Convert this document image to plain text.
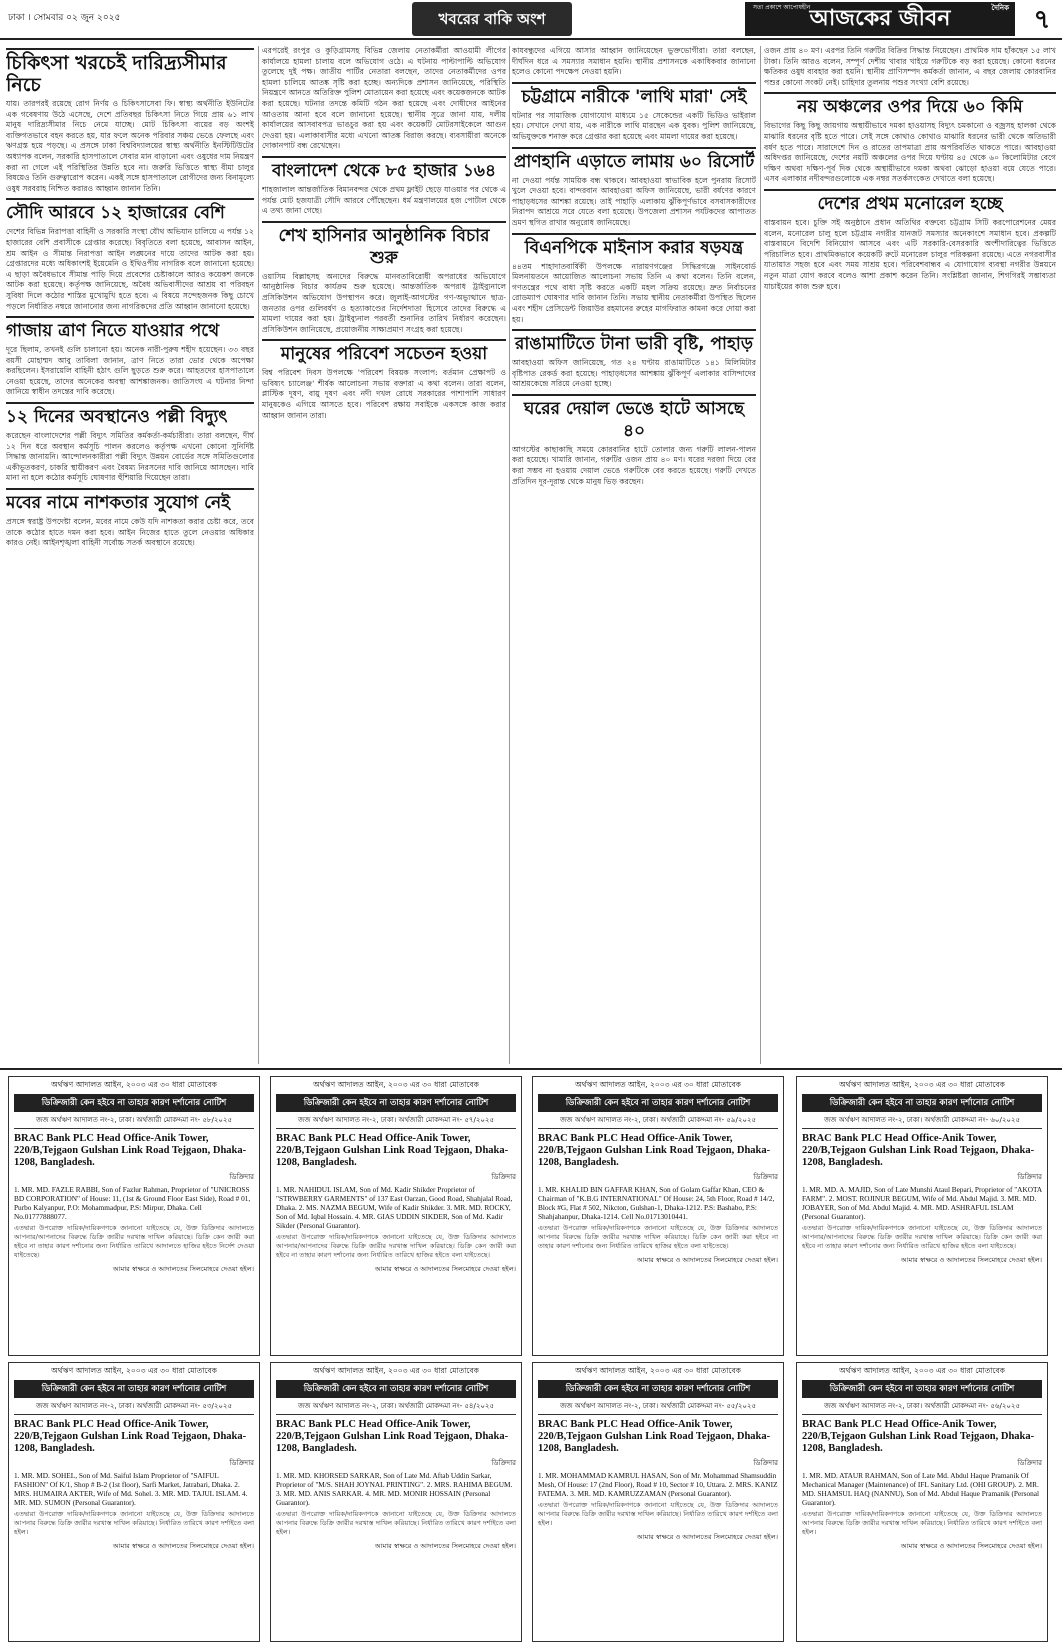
ঢাকা । সোমবার ০২ জুন ২০২৫	খবরের বাকি অংশ
সত্য প্রকাশে আপোষহীন আজকের জীবন	দৈনিক ৭
চিকিৎসা খরচেই দারিদ্র্যসীমার নিচে
যায়। তারপরই রয়েছে রোগ নির্ণয় ও চিকিৎসাসেবা ফি। স্বাস্থ্য অর্থনীতি ইউনিটের এক গবেষণায় উঠে এসেছে, দেশে প্রতিবছর চিকিৎসা নিতে গিয়ে প্রায় ৬১ লাখ মানুষ দারিদ্র্যসীমার নিচে নেমে যাচ্ছে। মোট চিকিৎসা ব্যয়ের বড় অংশই ব্যক্তিগতভাবে বহন করতে হয়, যার ফলে অনেক পরিবার সঞ্চয় ভেঙে ফেলছে এবং ঋণগ্রস্ত হয়ে পড়ছে। এ প্রসঙ্গে ঢাকা বিশ্ববিদ্যালয়ের স্বাস্থ্য অর্থনীতি ইনস্টিটিউটের অধ্যাপক বলেন, সরকারি হাসপাতালে সেবার মান বাড়ানো এবং ওষুধের দাম নিয়ন্ত্রণ করা না গেলে এই পরিস্থিতির উন্নতি হবে না। জরুরি ভিত্তিতে স্বাস্থ্য বীমা চালুর বিষয়েও তিনি গুরুত্বারোপ করেন। একই সঙ্গে হাসপাতালে রোগীদের জন্য বিনামূল্যে ওষুধ সরবরাহ নিশ্চিত করারও আহ্বান জানান তিনি।
সৌদি আরবে ১২ হাজারের বেশি
দেশের বিভিন্ন নিরাপত্তা বাহিনী ও সরকারি সংস্থা যৌথ অভিযান চালিয়ে এ পর্যন্ত ১২ হাজারের বেশি প্রবাসীকে গ্রেপ্তার করেছে। বিবৃতিতে বলা হয়েছে, আবাসন আইন, শ্রম আইন ও সীমান্ত নিরাপত্তা আইন লঙ্ঘনের দায়ে তাদের আটক করা হয়। গ্রেপ্তারদের মধ্যে অধিকাংশই ইয়েমেনি ও ইথিওপীয় নাগরিক বলে জানানো হয়েছে। এ ছাড়া অবৈধভাবে সীমান্ত পাড়ি দিয়ে প্রবেশের চেষ্টাকালে আরও কয়েকশ জনকে আটক করা হয়েছে। কর্তৃপক্ষ জানিয়েছে, অবৈধ অভিবাসীদের আশ্রয় বা পরিবহন সুবিধা দিলে কঠোর শাস্তির মুখোমুখি হতে হবে। এ বিষয়ে সন্দেহজনক কিছু চোখে পড়লে নির্ধারিত নম্বরে জানানোর জন্য নাগরিকদের প্রতি আহ্বান জানানো হয়েছে।
গাজায় ত্রাণ নিতে যাওয়ার পথে
দূরে ছিলাম, তখনই গুলি চালানো হয়। অনেক নারী-পুরুষ শহীদ হয়েছেন। ৩৩ বছর বয়সী মোহাম্মদ আবু তাবিলা জানান, ত্রাণ নিতে তারা ভোর থেকে অপেক্ষা করছিলেন। ইসরায়েলি বাহিনী হঠাৎ গুলি ছুড়তে শুরু করে। আহতদের হাসপাতালে নেওয়া হয়েছে, তাদের অনেকের অবস্থা আশঙ্কাজনক। জাতিসংঘ এ ঘটনার নিন্দা জানিয়ে স্বাধীন তদন্তের দাবি করেছে।
১২ দিনের অবস্থানেও পল্লী বিদ্যুৎ
করেছেন বাংলাদেশের পল্লী বিদ্যুৎ সমিতির কর্মকর্তা-কর্মচারীরা। তারা বলছেন, দীর্ঘ ১২ দিন ধরে অবস্থান কর্মসূচি পালন করলেও কর্তৃপক্ষ এখনো কোনো সুনির্দিষ্ট সিদ্ধান্ত জানায়নি। আন্দোলনকারীরা পল্লী বিদ্যুৎ উন্নয়ন বোর্ডের সঙ্গে সমিতিগুলোর একীভূতকরণ, চাকরি স্থায়ীকরণ এবং বৈষম্য নিরসনের দাবি জানিয়ে আসছেন। দাবি মানা না হলে কঠোর কর্মসূচি ঘোষণার হুঁশিয়ারি দিয়েছেন তারা।
মবের নামে নাশকতার সুযোগ নেই
প্রসঙ্গে স্বরাষ্ট্র উপদেষ্টা বলেন, মবের নামে কেউ যদি নাশকতা করার চেষ্টা করে, তবে তাকে কঠোর হাতে দমন করা হবে। আইন নিজের হাতে তুলে নেওয়ার অধিকার কারও নেই। আইনশৃঙ্খলা বাহিনী সর্বোচ্চ সতর্ক অবস্থানে রয়েছে।
এরপরেই রংপুর ও কুড়িগ্রামসহ বিভিন্ন জেলায় নেতাকর্মীরা আওয়ামী লীগের কার্যালয়ে হামলা চালায় বলে অভিযোগ ওঠে। এ ঘটনায় পাল্টাপাল্টি অভিযোগ তুলেছে দুই পক্ষ। জাতীয় পার্টির নেতারা বলছেন, তাদের নেতাকর্মীদের ওপর হামলা চালিয়ে আতঙ্ক সৃষ্টি করা হচ্ছে। অন্যদিকে প্রশাসন জানিয়েছে, পরিস্থিতি নিয়ন্ত্রণে আনতে অতিরিক্ত পুলিশ মোতায়েন করা হয়েছে এবং কয়েকজনকে আটক করা হয়েছে। ঘটনার তদন্তে কমিটি গঠন করা হয়েছে এবং দোষীদের আইনের আওতায় আনা হবে বলে জানানো হয়েছে। স্থানীয় সূত্রে জানা যায়, দলীয় কার্যালয়ের আসবাবপত্র ভাঙচুর করা হয় এবং কয়েকটি মোটরসাইকেলে আগুন দেওয়া হয়। এলাকাবাসীর মধ্যে এখনো আতঙ্ক বিরাজ করছে। ব্যবসায়ীরা অনেকে দোকানপাট বন্ধ রেখেছেন।
বাংলাদেশ থেকে ৮৫ হাজার ১৬৪
শাহজালাল আন্তর্জাতিক বিমানবন্দর থেকে প্রথম ফ্লাইট ছেড়ে যাওয়ার পর থেকে এ পর্যন্ত মোট হজযাত্রী সৌদি আরবে পৌঁছেছেন। ধর্ম মন্ত্রণালয়ের হজ পোর্টাল থেকে এ তথ্য জানা গেছে।
শেখ হাসিনার আনুষ্ঠানিক বিচার শুরু
ওয়াসিম বিল্লাহসহ অন্যদের বিরুদ্ধে মানবতাবিরোধী অপরাধের অভিযোগে আনুষ্ঠানিক বিচার কার্যক্রম শুরু হয়েছে। আন্তর্জাতিক অপরাধ ট্রাইব্যুনালে প্রসিকিউশন অভিযোগ উপস্থাপন করে। জুলাই-আগস্টের গণ-অভ্যুত্থানে ছাত্র-জনতার ওপর গুলিবর্ষণ ও হত্যাকাণ্ডের নির্দেশদাতা হিসেবে তাদের বিরুদ্ধে এ মামলা দায়ের করা হয়। ট্রাইব্যুনাল পরবর্তী শুনানির তারিখ নির্ধারণ করেছেন। প্রসিকিউশন জানিয়েছে, প্রয়োজনীয় সাক্ষ্যপ্রমাণ সংগ্রহ করা হয়েছে।
মানুষের পরিবেশ সচেতন হওয়া
বিশ্ব পরিবেশ দিবস উপলক্ষে 'পরিবেশ বিষয়ক সংলাপ: বর্তমান প্রেক্ষাপট ও ভবিষ্যৎ চ্যালেঞ্জ' শীর্ষক আলোচনা সভায় বক্তারা এ কথা বলেন। তারা বলেন, প্লাস্টিক দূষণ, বায়ু দূষণ এবং নদী দখল রোধে সরকারের পাশাপাশি সাধারণ মানুষকেও এগিয়ে আসতে হবে। পরিবেশ রক্ষায় সবাইকে একসঙ্গে কাজ করার আহ্বান জানান তারা।
কাযবন্ধুদের এগিয়ে আসার আহ্বান জানিয়েছেন ভুক্তভোগীরা। তারা বলছেন, দীর্ঘদিন ধরে এ সমস্যার সমাধান হয়নি। স্থানীয় প্রশাসনকে একাধিকবার জানানো হলেও কোনো পদক্ষেপ নেওয়া হয়নি।
চট্টগ্রামে নারীকে 'লাথি মারা' সেই
ঘটনার পর সামাজিক যোগাযোগ মাধ্যমে ১৫ সেকেন্ডের একটি ভিডিও ভাইরাল হয়। সেখানে দেখা যায়, এক নারীকে লাথি মারছেন এক যুবক। পুলিশ জানিয়েছে, অভিযুক্তকে শনাক্ত করে গ্রেপ্তার করা হয়েছে এবং মামলা দায়ের করা হয়েছে।
প্রাণহানি এড়াতে লামায় ৬০ রিসোর্ট
না দেওয়া পর্যন্ত সাময়িক বন্ধ থাকবে। আবহাওয়া স্বাভাবিক হলে পুনরায় রিসোর্ট খুলে দেওয়া হবে। বান্দরবান আবহাওয়া অফিস জানিয়েছে, ভারী বর্ষণের কারণে পাহাড়ধসের আশঙ্কা রয়েছে। তাই পাহাড়ি এলাকায় ঝুঁকিপূর্ণভাবে বসবাসকারীদের নিরাপদ আশ্রয়ে সরে যেতে বলা হয়েছে। উপজেলা প্রশাসন পর্যটকদের আপাতত ভ্রমণ স্থগিত রাখার অনুরোধ জানিয়েছে।
বিএনপিকে মাইনাস করার ষড়যন্ত্র
৪৪তম শাহাদাতবার্ষিকী উপলক্ষে নারায়ণগঞ্জের সিদ্ধিরগঞ্জে সাইনবোর্ড মিলনায়তনে আয়োজিত আলোচনা সভায় তিনি এ কথা বলেন। তিনি বলেন, গণতন্ত্রের পথে বাধা সৃষ্টি করতে একটি মহল সক্রিয় রয়েছে। দ্রুত নির্বাচনের রোডম্যাপ ঘোষণার দাবি জানান তিনি। সভায় স্থানীয় নেতাকর্মীরা উপস্থিত ছিলেন এবং শহীদ প্রেসিডেন্ট জিয়াউর রহমানের রুহের মাগফিরাত কামনা করে দোয়া করা হয়।
রাঙামাটিতে টানা ভারী বৃষ্টি, পাহাড়
আবহাওয়া অফিস জানিয়েছে, গত ২৪ ঘণ্টায় রাঙামাটিতে ১৪১ মিলিমিটার বৃষ্টিপাত রেকর্ড করা হয়েছে। পাহাড়ধসের আশঙ্কায় ঝুঁকিপূর্ণ এলাকার বাসিন্দাদের আশ্রয়কেন্দ্রে সরিয়ে নেওয়া হচ্ছে।
ঘরের দেয়াল ভেঙে হাটে আসছে ৪০
আগস্টের কাছাকাছি সময়ে কোরবানির হাটে তোলার জন্য গরুটি লালন-পালন করা হয়েছে। খামারি জানান, গরুটির ওজন প্রায় ৪০ মণ। ঘরের দরজা দিয়ে বের করা সম্ভব না হওয়ায় দেয়াল ভেঙে গরুটিকে বের করতে হয়েছে। গরুটি দেখতে প্রতিদিন দূর-দূরান্ত থেকে মানুষ ভিড় করছেন।
ওজন প্রায় ৪০ মণ। এরপর তিনি গরুটির বিক্রির সিদ্ধান্ত নিয়েছেন। প্রাথমিক দাম হাঁকছেন ১৫ লাখ টাকা। তিনি আরও বলেন, সম্পূর্ণ দেশীয় খাবার খাইয়ে গরুটিকে বড় করা হয়েছে। কোনো ধরনের ক্ষতিকর ওষুধ ব্যবহার করা হয়নি। স্থানীয় প্রাণিসম্পদ কর্মকর্তা জানান, এ বছর জেলায় কোরবানির পশুর কোনো সংকট নেই। চাহিদার তুলনায় পশুর সংখ্যা বেশি রয়েছে।
নয় অঞ্চলের ওপর দিয়ে ৬০ কিমি
বিভাগের কিছু কিছু জায়গায় অস্থায়ীভাবে দমকা হাওয়াসহ বিদ্যুৎ চমকানো ও বজ্রসহ হালকা থেকে মাঝারি ধরনের বৃষ্টি হতে পারে। সেই সঙ্গে কোথাও কোথাও মাঝারি ধরনের ভারী থেকে অতিভারী বর্ষণ হতে পারে। সারাদেশে দিন ও রাতের তাপমাত্রা প্রায় অপরিবর্তিত থাকতে পারে। আবহাওয়া অধিদপ্তর জানিয়েছে, দেশের নয়টি অঞ্চলের ওপর দিয়ে ঘণ্টায় ৪৫ থেকে ৬০ কিলোমিটার বেগে দক্ষিণ অথবা দক্ষিণ-পূর্ব দিক থেকে অস্থায়ীভাবে দমকা অথবা ঝোড়ো হাওয়া বয়ে যেতে পারে। এসব এলাকার নদীবন্দরগুলোকে এক নম্বর সতর্কসংকেত দেখাতে বলা হয়েছে।
দেশের প্রথম মনোরেল হচ্ছে
বাস্তবায়ন হবে। চুক্তি সই অনুষ্ঠানে প্রধান অতিথির বক্তব্যে চট্টগ্রাম সিটি করপোরেশনের মেয়র বলেন, মনোরেল চালু হলে চট্টগ্রাম নগরীর যানজট সমস্যার অনেকাংশে সমাধান হবে। প্রকল্পটি বাস্তবায়নে বিদেশি বিনিয়োগ আসবে এবং এটি সরকারি-বেসরকারি অংশীদারিত্বের ভিত্তিতে পরিচালিত হবে। প্রাথমিকভাবে কয়েকটি রুটে মনোরেল চালুর পরিকল্পনা রয়েছে। এতে নগরবাসীর যাতায়াত সহজ হবে এবং সময় সাশ্রয় হবে। পরিবেশবান্ধব এ যোগাযোগ ব্যবস্থা নগরীর উন্নয়নে নতুন মাত্রা যোগ করবে বলেও আশা প্রকাশ করেন তিনি। সংশ্লিষ্টরা জানান, শিগগিরই সম্ভাব্যতা যাচাইয়ের কাজ শুরু হবে।
অর্থঋণ আদালত আইন, ২০০৩ এর ৩০ ধারা মোতাবেক
ডিক্রিজারী কেন হইবে না তাহার কারণ দর্শানোর নোটিশ
জজ অর্থঋণ আদালত নং-২, ঢাকা। অর্থজারী মোকদ্দমা নং- ৫৮/২০২৫
BRAC Bank PLC Head Office-Anik Tower, 220/B,Tejgaon Gulshan Link Road Tejgaon, Dhaka-1208, Bangladesh.
ডিক্রিদার
1. MR. MD. FAZLE RABBI, Son of Fazlur Rahman, Proprietor of "UNICROSS BD CORPORATION" of House: 11, (1st & Ground Floor East Side), Road # 01, Purbo Kalyanpur, P.O: Mohammadpur, P.S: Mirpur, Dhaka. Cell No.01777888077.
এতদ্বারা উপরোক্ত দায়িক/দায়িকগণকে জানানো যাইতেছে যে, উক্ত ডিক্রিদার আদালতে আপনার/আপনাদের বিরুদ্ধে ডিক্রি জারীর দরখাস্ত দাখিল করিয়াছে। ডিক্রি কেন জারী করা হইবে না তাহার কারণ দর্শানোর জন্য নির্ধারিত তারিখে আদালতে হাজির হইতে নির্দেশ দেওয়া যাইতেছে।
আমার স্বাক্ষরে ও আদালতের সিলমোহরে দেওয়া হইল।
অর্থঋণ আদালত আইন, ২০০৩ এর ৩০ ধারা মোতাবেক
ডিক্রিজারী কেন হইবে না তাহার কারণ দর্শানোর নোটিশ
জজ অর্থঋণ আদালত নং-২, ঢাকা। অর্থজারী মোকদ্দমা নং- ৫৭/২০২৫
BRAC Bank PLC Head Office-Anik Tower, 220/B,Tejgaon Gulshan Link Road Tejgaon, Dhaka-1208, Bangladesh.
ডিক্রিদার
1. MR. NAHIDUL ISLAM, Son of Md. Kadir Shikder Proprietor of "STRWBERRY GARMENTS" of 137 East Oarzan, Good Road, Shahjalal Road, Dhaka. 2. MS. NAZMA BEGUM, Wife of Kadir Shikder. 3. MR. MD. ROCKY, Son of Md. Iqbal Hossain. 4. MR. GIAS UDDIN SIKDER, Son of Md. Kadir Sikder (Personal Guarantor).
এতদ্বারা উপরোক্ত দায়িক/দায়িকগণকে জানানো যাইতেছে যে, উক্ত ডিক্রিদার আদালতে আপনার/আপনাদের বিরুদ্ধে ডিক্রি জারীর দরখাস্ত দাখিল করিয়াছে। ডিক্রি কেন জারী করা হইবে না তাহার কারণ দর্শানোর জন্য নির্ধারিত তারিখে হাজির হইতে বলা যাইতেছে।
আমার স্বাক্ষরে ও আদালতের সিলমোহরে দেওয়া হইল।
অর্থঋণ আদালত আইন, ২০০৩ এর ৩০ ধারা মোতাবেক
ডিক্রিজারী কেন হইবে না তাহার কারণ দর্শানোর নোটিশ
জজ অর্থঋণ আদালত নং-২, ঢাকা। অর্থজারী মোকদ্দমা নং- ৫৯/২০২৫
BRAC Bank PLC Head Office-Anik Tower, 220/B,Tejgaon Gulshan Link Road Tejgaon, Dhaka-1208, Bangladesh.
ডিক্রিদার
1. MR. KHALID BIN GAFFAR KHAN, Son of Golam Gaffar Khan, CEO & Chairman of "K.B.G INTERNATIONAL" Of House: 24, 5th Floor, Road # 14/2, Block #G, Flat # 502, Nikcton, Gulshan-1, Dhaka-1212. P.S: Bashabo, P.S: Shahjahanpur, Dhaka-1214. Cell No.01713010441.
এতদ্বারা উপরোক্ত দায়িক/দায়িকগণকে জানানো যাইতেছে যে, উক্ত ডিক্রিদার আদালতে আপনার বিরুদ্ধে ডিক্রি জারীর দরখাস্ত দাখিল করিয়াছে। ডিক্রি কেন জারী করা হইবে না তাহার কারণ দর্শানোর জন্য নির্ধারিত তারিখে হাজির হইতে বলা যাইতেছে।
আমার স্বাক্ষরে ও আদালতের সিলমোহরে দেওয়া হইল।
অর্থঋণ আদালত আইন, ২০০৩ এর ৩০ ধারা মোতাবেক
ডিক্রিজারী কেন হইবে না তাহার কারণ দর্শানোর নোটিশ
জজ অর্থঋণ আদালত নং-২, ঢাকা। অর্থজারী মোকদ্দমা নং- ৬০/২০২৫
BRAC Bank PLC Head Office-Anik Tower, 220/B,Tejgaon Gulshan Link Road Tejgaon, Dhaka-1208, Bangladesh.
ডিক্রিদার
1. MR. MD. A. MAJID, Son of Late Munshi Ataul Bepari, Proprietor of "AKOTA FARM". 2. MOST. ROJINUR BEGUM, Wife of Md. Abdul Majid. 3. MR. MD. JOBAYER, Son of Md. Abdul Majid. 4. MR. MD. ASHRAFUL ISLAM (Personal Guarantor).
এতদ্বারা উপরোক্ত দায়িক/দায়িকগণকে জানানো যাইতেছে যে, উক্ত ডিক্রিদার আদালতে আপনার/আপনাদের বিরুদ্ধে ডিক্রি জারীর দরখাস্ত দাখিল করিয়াছে। ডিক্রি কেন জারী করা হইবে না তাহার কারণ দর্শানোর জন্য নির্ধারিত তারিখে হাজির হইতে বলা যাইতেছে।
আমার স্বাক্ষরে ও আদালতের সিলমোহরে দেওয়া হইল।
অর্থঋণ আদালত আইন, ২০০৩ এর ৩০ ধারা মোতাবেক
ডিক্রিজারী কেন হইবে না তাহার কারণ দর্শানোর নোটিশ
জজ অর্থঋণ আদালত নং-২, ঢাকা। অর্থজারী মোকদ্দমা নং- ৫৩/২০২৫
BRAC Bank PLC Head Office-Anik Tower, 220/B,Tejgaon Gulshan Link Road Tejgaon, Dhaka-1208, Bangladesh.
ডিক্রিদার
1. MR. MD. SOHEL, Son of Md. Saiful Islam Proprietor of "SAIFUL FASHION" Of K/1, Shop # B-2 (1st floor), Sarfi Market, Jatrabari, Dhaka. 2. MRS. HUMAIRA AKTER, Wife of Md. Sohel. 3. MR. MD. TAJUL ISLAM. 4. MR. MD. SUMON (Personal Guarantor).
এতদ্বারা উপরোক্ত দায়িক/দায়িকগণকে জানানো যাইতেছে যে, উক্ত ডিক্রিদার আদালতে আপনার বিরুদ্ধে ডিক্রি জারীর দরখাস্ত দাখিল করিয়াছে। নির্ধারিত তারিখে কারণ দর্শাইতে বলা হইল।
আমার স্বাক্ষরে ও আদালতের সিলমোহরে দেওয়া হইল।
অর্থঋণ আদালত আইন, ২০০৩ এর ৩০ ধারা মোতাবেক
ডিক্রিজারী কেন হইবে না তাহার কারণ দর্শানোর নোটিশ
জজ অর্থঋণ আদালত নং-২, ঢাকা। অর্থজারী মোকদ্দমা নং- ৫৪/২০২৫
BRAC Bank PLC Head Office-Anik Tower, 220/B,Tejgaon Gulshan Link Road Tejgaon, Dhaka-1208, Bangladesh.
ডিক্রিদার
1. MR. MD. KHORSED SARKAR, Son of Late Md. Aftab Uddin Sarkar, Proprietor of "M/S. SHAH JOYNAL PRINTING". 2. MRS. RAHIMA BEGUM. 3. MR. MD. ANIS SARKAR. 4. MR. MD. MONIR HOSSAIN (Personal Guarantor).
এতদ্বারা উপরোক্ত দায়িক/দায়িকগণকে জানানো যাইতেছে যে, উক্ত ডিক্রিদার আদালতে আপনার বিরুদ্ধে ডিক্রি জারীর দরখাস্ত দাখিল করিয়াছে। নির্ধারিত তারিখে কারণ দর্শাইতে বলা হইল।
আমার স্বাক্ষরে ও আদালতের সিলমোহরে দেওয়া হইল।
অর্থঋণ আদালত আইন, ২০০৩ এর ৩০ ধারা মোতাবেক
ডিক্রিজারী কেন হইবে না তাহার কারণ দর্শানোর নোটিশ
জজ অর্থঋণ আদালত নং-২, ঢাকা। অর্থজারী মোকদ্দমা নং- ৫৫/২০২৫
BRAC Bank PLC Head Office-Anik Tower, 220/B,Tejgaon Gulshan Link Road Tejgaon, Dhaka-1208, Bangladesh.
ডিক্রিদার
1. MR. MOHAMMAD KAMRUL HASAN, Son of Mr. Mohammad Shamsuddin Mesh, Of House: 17 (2nd Floor), Road # 10, Sector # 10, Uttara. 2. MRS. KANIZ FATEMA. 3. MR. MD. KAMRUZZAMAN (Personal Guarantor).
এতদ্বারা উপরোক্ত দায়িক/দায়িকগণকে জানানো যাইতেছে যে, উক্ত ডিক্রিদার আদালতে আপনার বিরুদ্ধে ডিক্রি জারীর দরখাস্ত দাখিল করিয়াছে। নির্ধারিত তারিখে কারণ দর্শাইতে বলা হইল।
আমার স্বাক্ষরে ও আদালতের সিলমোহরে দেওয়া হইল।
অর্থঋণ আদালত আইন, ২০০৩ এর ৩০ ধারা মোতাবেক
ডিক্রিজারী কেন হইবে না তাহার কারণ দর্শানোর নোটিশ
জজ অর্থঋণ আদালত নং-২, ঢাকা। অর্থজারী মোকদ্দমা নং- ৫৬/২০২৫
BRAC Bank PLC Head Office-Anik Tower, 220/B,Tejgaon Gulshan Link Road Tejgaon, Dhaka-1208, Bangladesh.
ডিক্রিদার
1. MR. MD. ATAUR RAHMAN, Son of Late Md. Abdul Haque Pramanik Of Mechanical Manager (Maintenance) of IFL Sanitary Ltd. (OHI GROUP). 2. MR. MD. SHAMSUL HAQ (NANNU), Son of Md. Abdul Haque Pramanik (Personal Guarantor).
এতদ্বারা উপরোক্ত দায়িক/দায়িকগণকে জানানো যাইতেছে যে, উক্ত ডিক্রিদার আদালতে আপনার বিরুদ্ধে ডিক্রি জারীর দরখাস্ত দাখিল করিয়াছে। নির্ধারিত তারিখে কারণ দর্শাইতে বলা হইল।
আমার স্বাক্ষরে ও আদালতের সিলমোহরে দেওয়া হইল।
